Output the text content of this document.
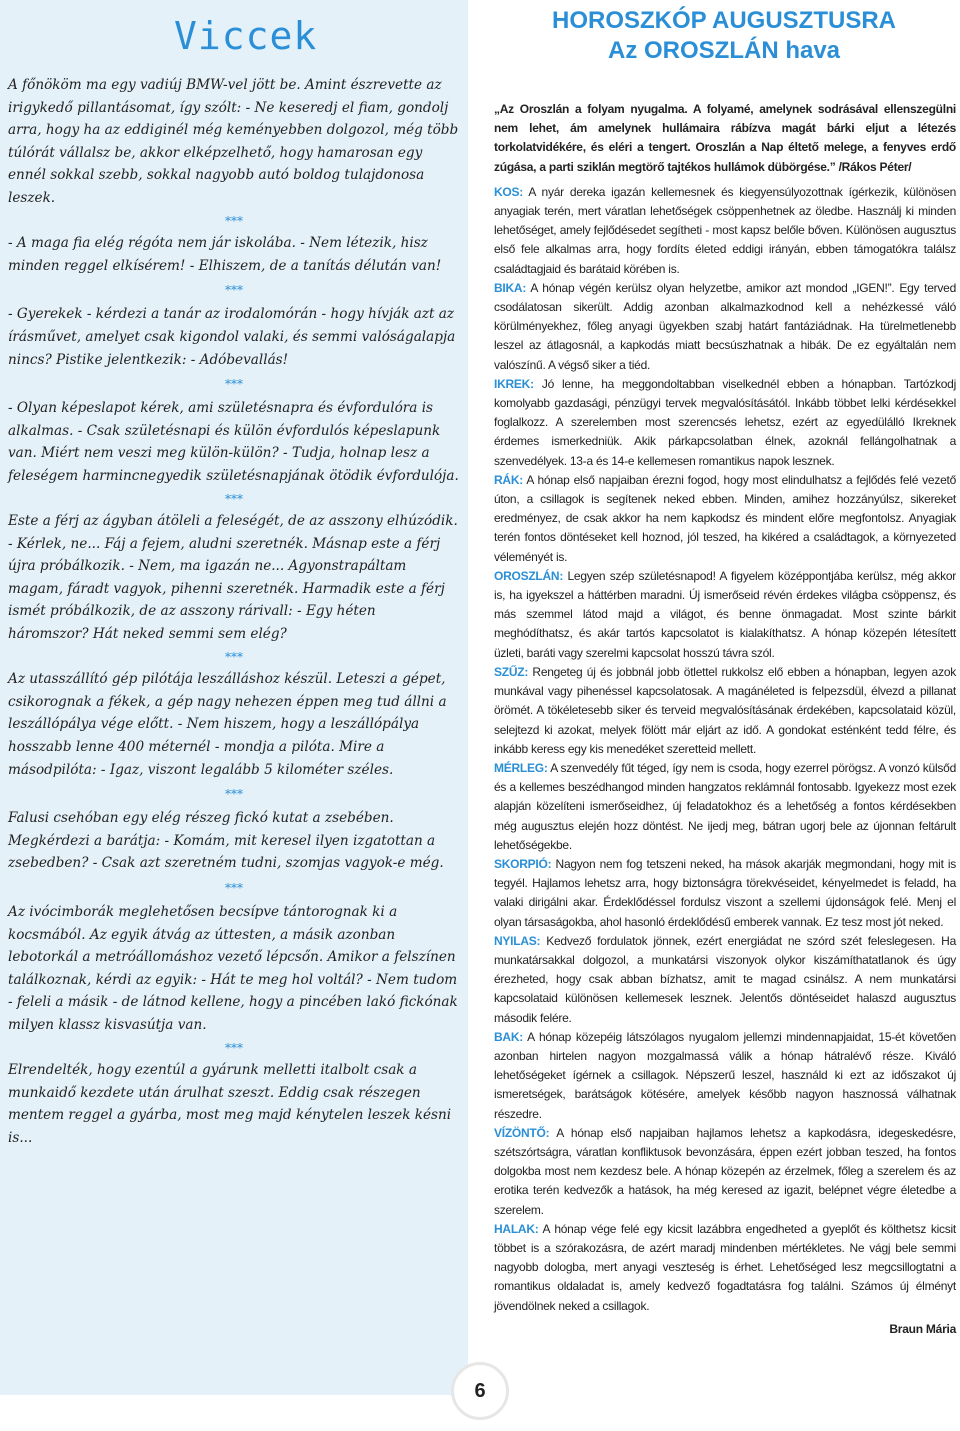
Viccek

A főnököm ma egy vadiúj BMW-vel jött be. Amint észrevette az irigykedő pillantásomat, így szólt: - Ne keseredj el fiam, gondolj arra, hogy ha az eddiginél még keményebben dolgozol, még több túlórát vállalsz be, akkor elképzelhető, hogy hamarosan egy ennél sokkal szebb, sokkal nagyobb autó boldog tulajdonosa leszek.

***

- A maga fia elég régóta nem jár iskolába. - Nem létezik, hisz minden reggel elkísérem! - Elhiszem, de a tanítás délután van!

***

- Gyerekek - kérdezi a tanár az irodalomórán - hogy hívják azt az írásművet, amelyet csak kigondol valaki, és semmi valóságalapja nincs? Pistike jelentkezik: - Adóbevallás!

***

- Olyan képeslapot kérek, ami születésnapra és évfordulóra is alkalmas. - Csak születésnapi és külön évfordulós képeslapunk van. Miért nem veszi meg külön-külön? - Tudja, holnap lesz a feleségem harmincnegyedik születésnapjának ötödik évfordulója.

***

Este a férj az ágyban átöleli a feleségét, de az asszony elhúzódik. - Kérlek, ne... Fáj a fejem, aludni szeretnék. Másnap este a férj újra próbálkozik. - Nem, ma igazán ne... Agyonstrapáltam magam, fáradt vagyok, pihenni szeretnék. Harmadik este a férj ismét próbálkozik, de az asszony rárivall: - Egy héten háromszor? Hát neked semmi sem elég?

***

Az utasszállító gép pilótája leszálláshoz készül. Leteszi a gépet, csikorognak a fékek, a gép nagy nehezen éppen meg tud állni a leszállópálya vége előtt. - Nem hiszem, hogy a leszállópálya hosszabb lenne 400 méternél - mondja a pilóta. Mire a másodpilóta: - Igaz, viszont legalább 5 kilométer széles.

***

Falusi csehóban egy elég részeg fickó kutat a zsebében. Megkérdezi a barátja: - Komám, mit keresel ilyen izgatottan a zsebedben? - Csak azt szeretném tudni, szomjas vagyok-e még.

***

Az ivócimborák meglehetősen becsípve tántorognak ki a kocsmából. Az egyik átvág az úttesten, a másik azonban lebotorkál a metróállomáshoz vezető lépcsőn. Amikor a felszínen találkoznak, kérdi az egyik: - Hát te meg hol voltál? - Nem tudom - feleli a másik - de látnod kellene, hogy a pincében lakó fickónak milyen klassz kisvasútja van.

***

Elrendelték, hogy ezentúl a gyárunk melletti italbolt csak a munkaidő kezdete után árulhat szeszt. Eddig csak részegen mentem reggel a gyárba, most meg majd kénytelen leszek késni is...

HOROSZKÓP AUGUSZTUSRA
Az OROSZLÁN hava

„Az Oroszlán a folyam nyugalma. A folyamé, amelynek sodrásával ellenszegülni nem lehet, ám amelynek hullámaira rábízva magát bárki eljut a létezés torkolatvidékére, és eléri a tengert. Oroszlán a Nap éltető melege, a fenyves erdő zúgása, a parti sziklán megtörő tajtékos hullámok dübörgése.” /Rákos Péter/

KOS: A nyár dereka igazán kellemesnek és kiegyensúlyozottnak ígérkezik, különösen anyagiak terén, mert váratlan lehetőségek csöppenhetnek az öledbe. Használj ki minden lehetőséget, amely fejlődésedet segítheti - most kapsz belőle bőven. Különösen augusztus első fele alkalmas arra, hogy fordíts életed eddigi irányán, ebben támogatókra találsz családtagjaid és barátaid körében is.

BIKA: A hónap végén kerülsz olyan helyzetbe, amikor azt mondod „IGEN!”. Egy terved csodálatosan sikerült. Addig azonban alkalmazkodnod kell a nehézkessé váló körülményekhez, főleg anyagi ügyekben szabj határt fantáziádnak. Ha türelmetlenebb leszel az átlagosnál, a kapkodás miatt becsúszhatnak a hibák. De ez egyáltalán nem valószínű. A végső siker a tiéd.

IKREK: Jó lenne, ha meggondoltabban viselkednél ebben a hónapban. Tartózkodj komolyabb gazdasági, pénzügyi tervek megvalósításától. Inkább többet lelki kérdésekkel foglalkozz. A szerelemben most szerencsés lehetsz, ezért az egyedülálló Ikreknek érdemes ismerkedniük. Akik párkapcsolatban élnek, azoknál fellángolhatnak a szenvedélyek. 13-a és 14-e kellemesen romantikus napok lesznek.

RÁK: A hónap első napjaiban érezni fogod, hogy most elindulhatsz a fejlődés felé vezető úton, a csillagok is segítenek neked ebben. Minden, amihez hozzányúlsz, sikereket eredményez, de csak akkor ha nem kapkodsz és mindent előre megfontolsz. Anyagiak terén fontos döntéseket kell hoznod, jól teszed, ha kikéred a családtagok, a környezeted véleményét is.

OROSZLÁN: Legyen szép születésnapod! A figyelem középpontjába kerülsz, még akkor is, ha igyekszel a háttérben maradni. Új ismerőseid révén érdekes világba csöppensz, és más szemmel látod majd a világot, és benne önmagadat. Most szinte bárkit meghódíthatsz, és akár tartós kapcsolatot is kialakíthatsz. A hónap közepén létesített üzleti, baráti vagy szerelmi kapcsolat hosszú távra szól.

SZŰZ: Rengeteg új és jobbnál jobb ötlettel rukkolsz elő ebben a hónapban, legyen azok munkával vagy pihenéssel kapcsolatosak. A magánéleted is felpezsdül, élvezd a pillanat örömét. A tökéletesebb siker és terveid megvalósításának érdekében, kapcsolataid közül, selejtezd ki azokat, melyek fölött már eljárt az idő. A gondokat esténként tedd félre, és inkább keress egy kis menedéket szeretteid mellett.

MÉRLEG: A szenvedély fűt téged, így nem is csoda, hogy ezerrel pörögsz. A vonzó külsőd és a kellemes beszédhangod minden hangzatos reklámnál fontosabb. Igyekezz most ezek alapján közelíteni ismerőseidhez, új feladatokhoz és a lehetőség a fontos kérdésekben még augusztus elején hozz döntést. Ne ijedj meg, bátran ugorj bele az újonnan feltárult lehetőségekbe.

SKORPIÓ: Nagyon nem fog tetszeni neked, ha mások akarják megmondani, hogy mit is tegyél. Hajlamos lehetsz arra, hogy biztonságra törekvéseidet, kényelmedet is feladd, ha valaki dirigálni akar. Érdeklődéssel fordulsz viszont a szellemi újdonságok felé. Menj el olyan társaságokba, ahol hasonló érdeklődésű emberek vannak. Ez tesz most jót neked.

NYILAS: Kedvező fordulatok jönnek, ezért energiádat ne szórd szét feleslegesen. Ha munkatársakkal dolgozol, a munkatársi viszonyok olykor kiszámíthatatlanok és úgy érezheted, hogy csak abban bízhatsz, amit te magad csinálsz. A nem munkatársi kapcsolataid különösen kellemesek lesznek. Jelentős döntéseidet halaszd augusztus második felére.

BAK: A hónap közepéig látszólagos nyugalom jellemzi mindennapjaidat, 15-ét követően azonban hirtelen nagyon mozgalmassá válik a hónap hátralévő része. Kiváló lehetőségeket ígérnek a csillagok. Népszerű leszel, használd ki ezt az időszakot új ismeretségek, barátságok kötésére, amelyek később nagyon hasznossá válhatnak részedre.

VÍZÖNTŐ: A hónap első napjaiban hajlamos lehetsz a kapkodásra, idegeskedésre, szétszórtságra, váratlan konfliktusok bevonzására, éppen ezért jobban teszed, ha fontos dolgokba most nem kezdesz bele. A hónap közepén az érzelmek, főleg a szerelem és az erotika terén kedvezők a hatások, ha még keresed az igazit, belépnet végre életedbe a szerelem.

HALAK: A hónap vége felé egy kicsit lazábbra engedheted a gyeplőt és költhetsz kicsit többet is a szórakozásra, de azért maradj mindenben mértékletes. Ne vágj bele semmi nagyobb dologba, mert anyagi veszteség is érhet. Lehetőséged lesz megcsillogtatni a romantikus oldaladat is, amely kedvező fogadtatásra fog találni. Számos új élményt jövendölnek neked a csillagok.

Braun Mária

6
